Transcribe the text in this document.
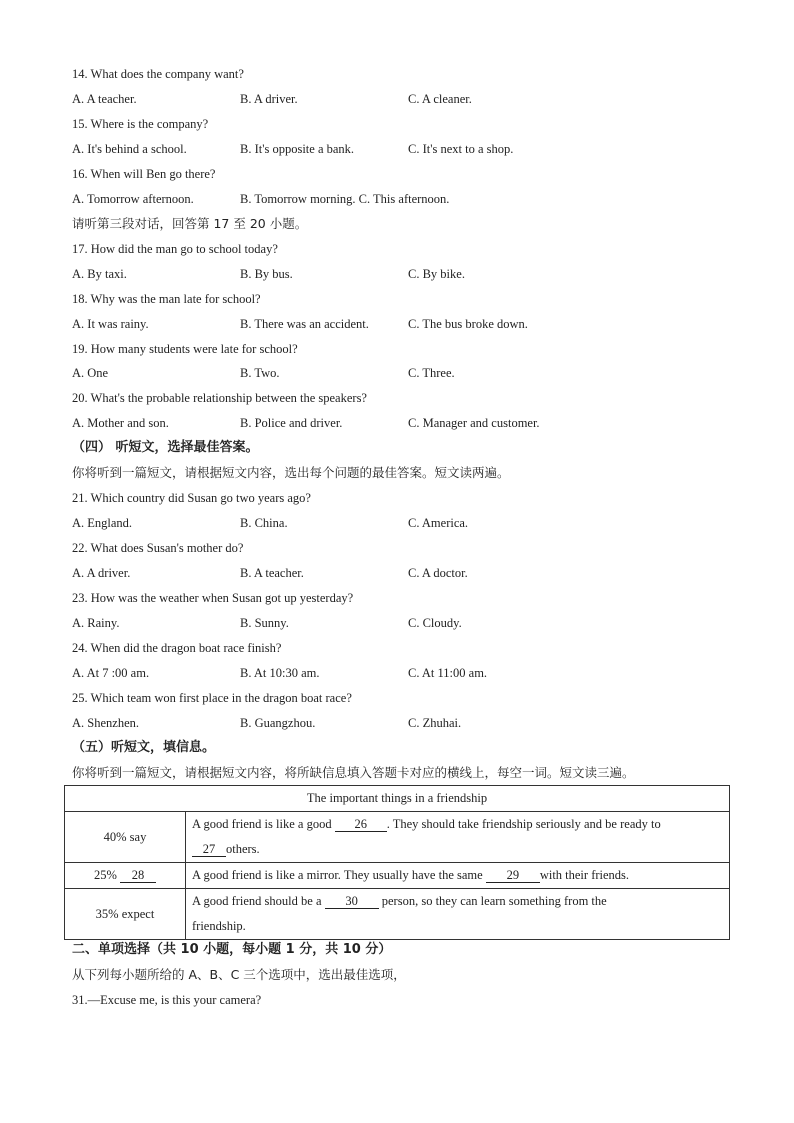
14. What does the company want?
A. A teacher.	B. A driver.	C. A cleaner.
15. Where is the company?
A. It's behind a school.	B. It's opposite a bank.	C. It's next to a shop.
16. When will Ben go there?
A. Tomorrow afternoon.	B. Tomorrow morning. C. This afternoon.
请听第三段对话，回答第 17 至 20 小题。
17. How did the man go to school today?
A. By taxi.	B. By bus.	C. By bike.
18. Why was the man late for school?
A. It was rainy.	B. There was an accident.	C. The bus broke down.
19. How many students were late for school?
A. One	B. Two.	C. Three.
20. What's the probable relationship between the speakers?
A. Mother and son.	B. Police and driver.	C. Manager and customer.
（四） 听短文，选择最佳答案。
你将听到一篇短文，请根据短文内容，选出每个问题的最佳答案。短文读两遍。
21. Which country did Susan go two years ago?
A. England.	B. China.	C. America.
22. What does Susan's mother do?
A. A driver.	B. A teacher.	C. A doctor.
23. How was the weather when Susan got up yesterday?
A. Rainy.	B. Sunny.	C. Cloudy.
24. When did the dragon boat race finish?
A. At 7 :00 am.	B. At 10:30 am.	C. At 11:00 am.
25. Which team won first place in the dragon boat race?
A. Shenzhen.	B. Guangzhou.	C. Zhuhai.
（五）听短文，填信息。
你将听到一篇短文，请根据短文内容，将所缺信息填入答题卡对应的横线上，每空一词。短文读三遍。
The important things in a friendship	
40% say	A good friend is like a good 26 . They should take friendship seriously and be ready to
27 others.
25% 28	A good friend is like a mirror. They usually have the same 29 with their friends.
35% expect	A good friend should be a 30 person, so they can learn something from the
friendship.
二、单项选择（共 10 小题，每小题 1 分，共 10 分）
从下列每小题所给的 A、B、C 三个选项中，选出最佳选项，
31.—Excuse me, is this your camera?
